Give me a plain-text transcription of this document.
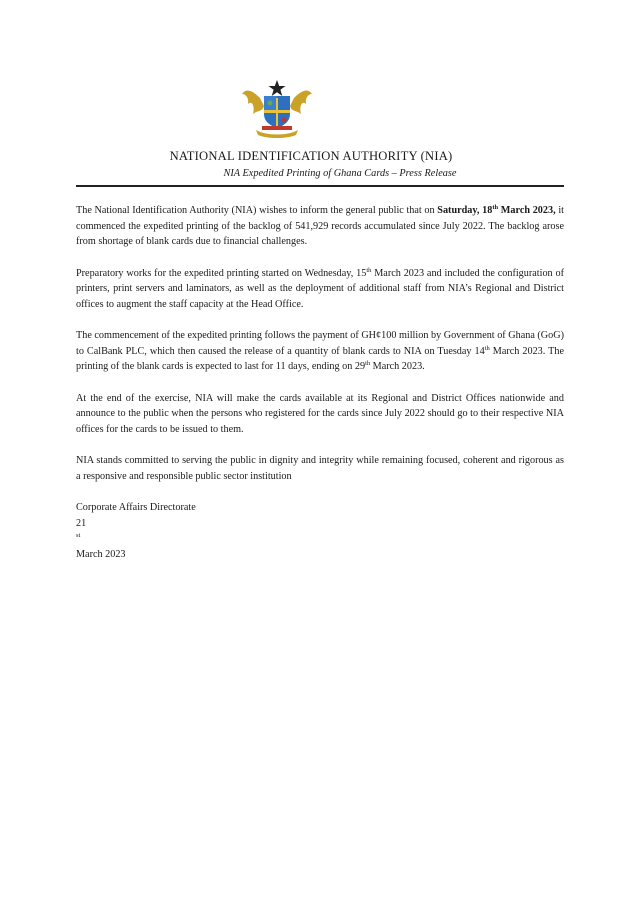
NATIONAL IDENTIFICATION AUTHORITY (NIA)
NIA Expedited Printing of Ghana Cards – Press Release

The National Identification Authority (NIA) wishes to inform the general public that on Saturday, 18th March 2023, it commenced the expedited printing of the backlog of 541,929 records accumulated since July 2022. The backlog arose from shortage of blank cards due to financial challenges.

Preparatory works for the expedited printing started on Wednesday, 15th March 2023 and included the configuration of printers, print servers and laminators, as well as the deployment of additional staff from NIA’s Regional and District offices to augment the staff capacity at the Head Office.

The commencement of the expedited printing follows the payment of GH¢100 million by Government of Ghana (GoG) to CalBank PLC, which then caused the release of a quantity of blank cards to NIA on Tuesday 14th March 2023. The printing of the blank cards is expected to last for 11 days, ending on 29th March 2023.

At the end of the exercise, NIA will make the cards available at its Regional and District Offices nationwide and announce to the public when the persons who registered for the cards since July 2022 should go to their respective NIA offices for the cards to be issued to them.

NIA stands committed to serving the public in dignity and integrity while remaining focused, coherent and rigorous as a responsive and responsible public sector institution

Corporate Affairs Directorate
21
$^{st}$
March 2023
